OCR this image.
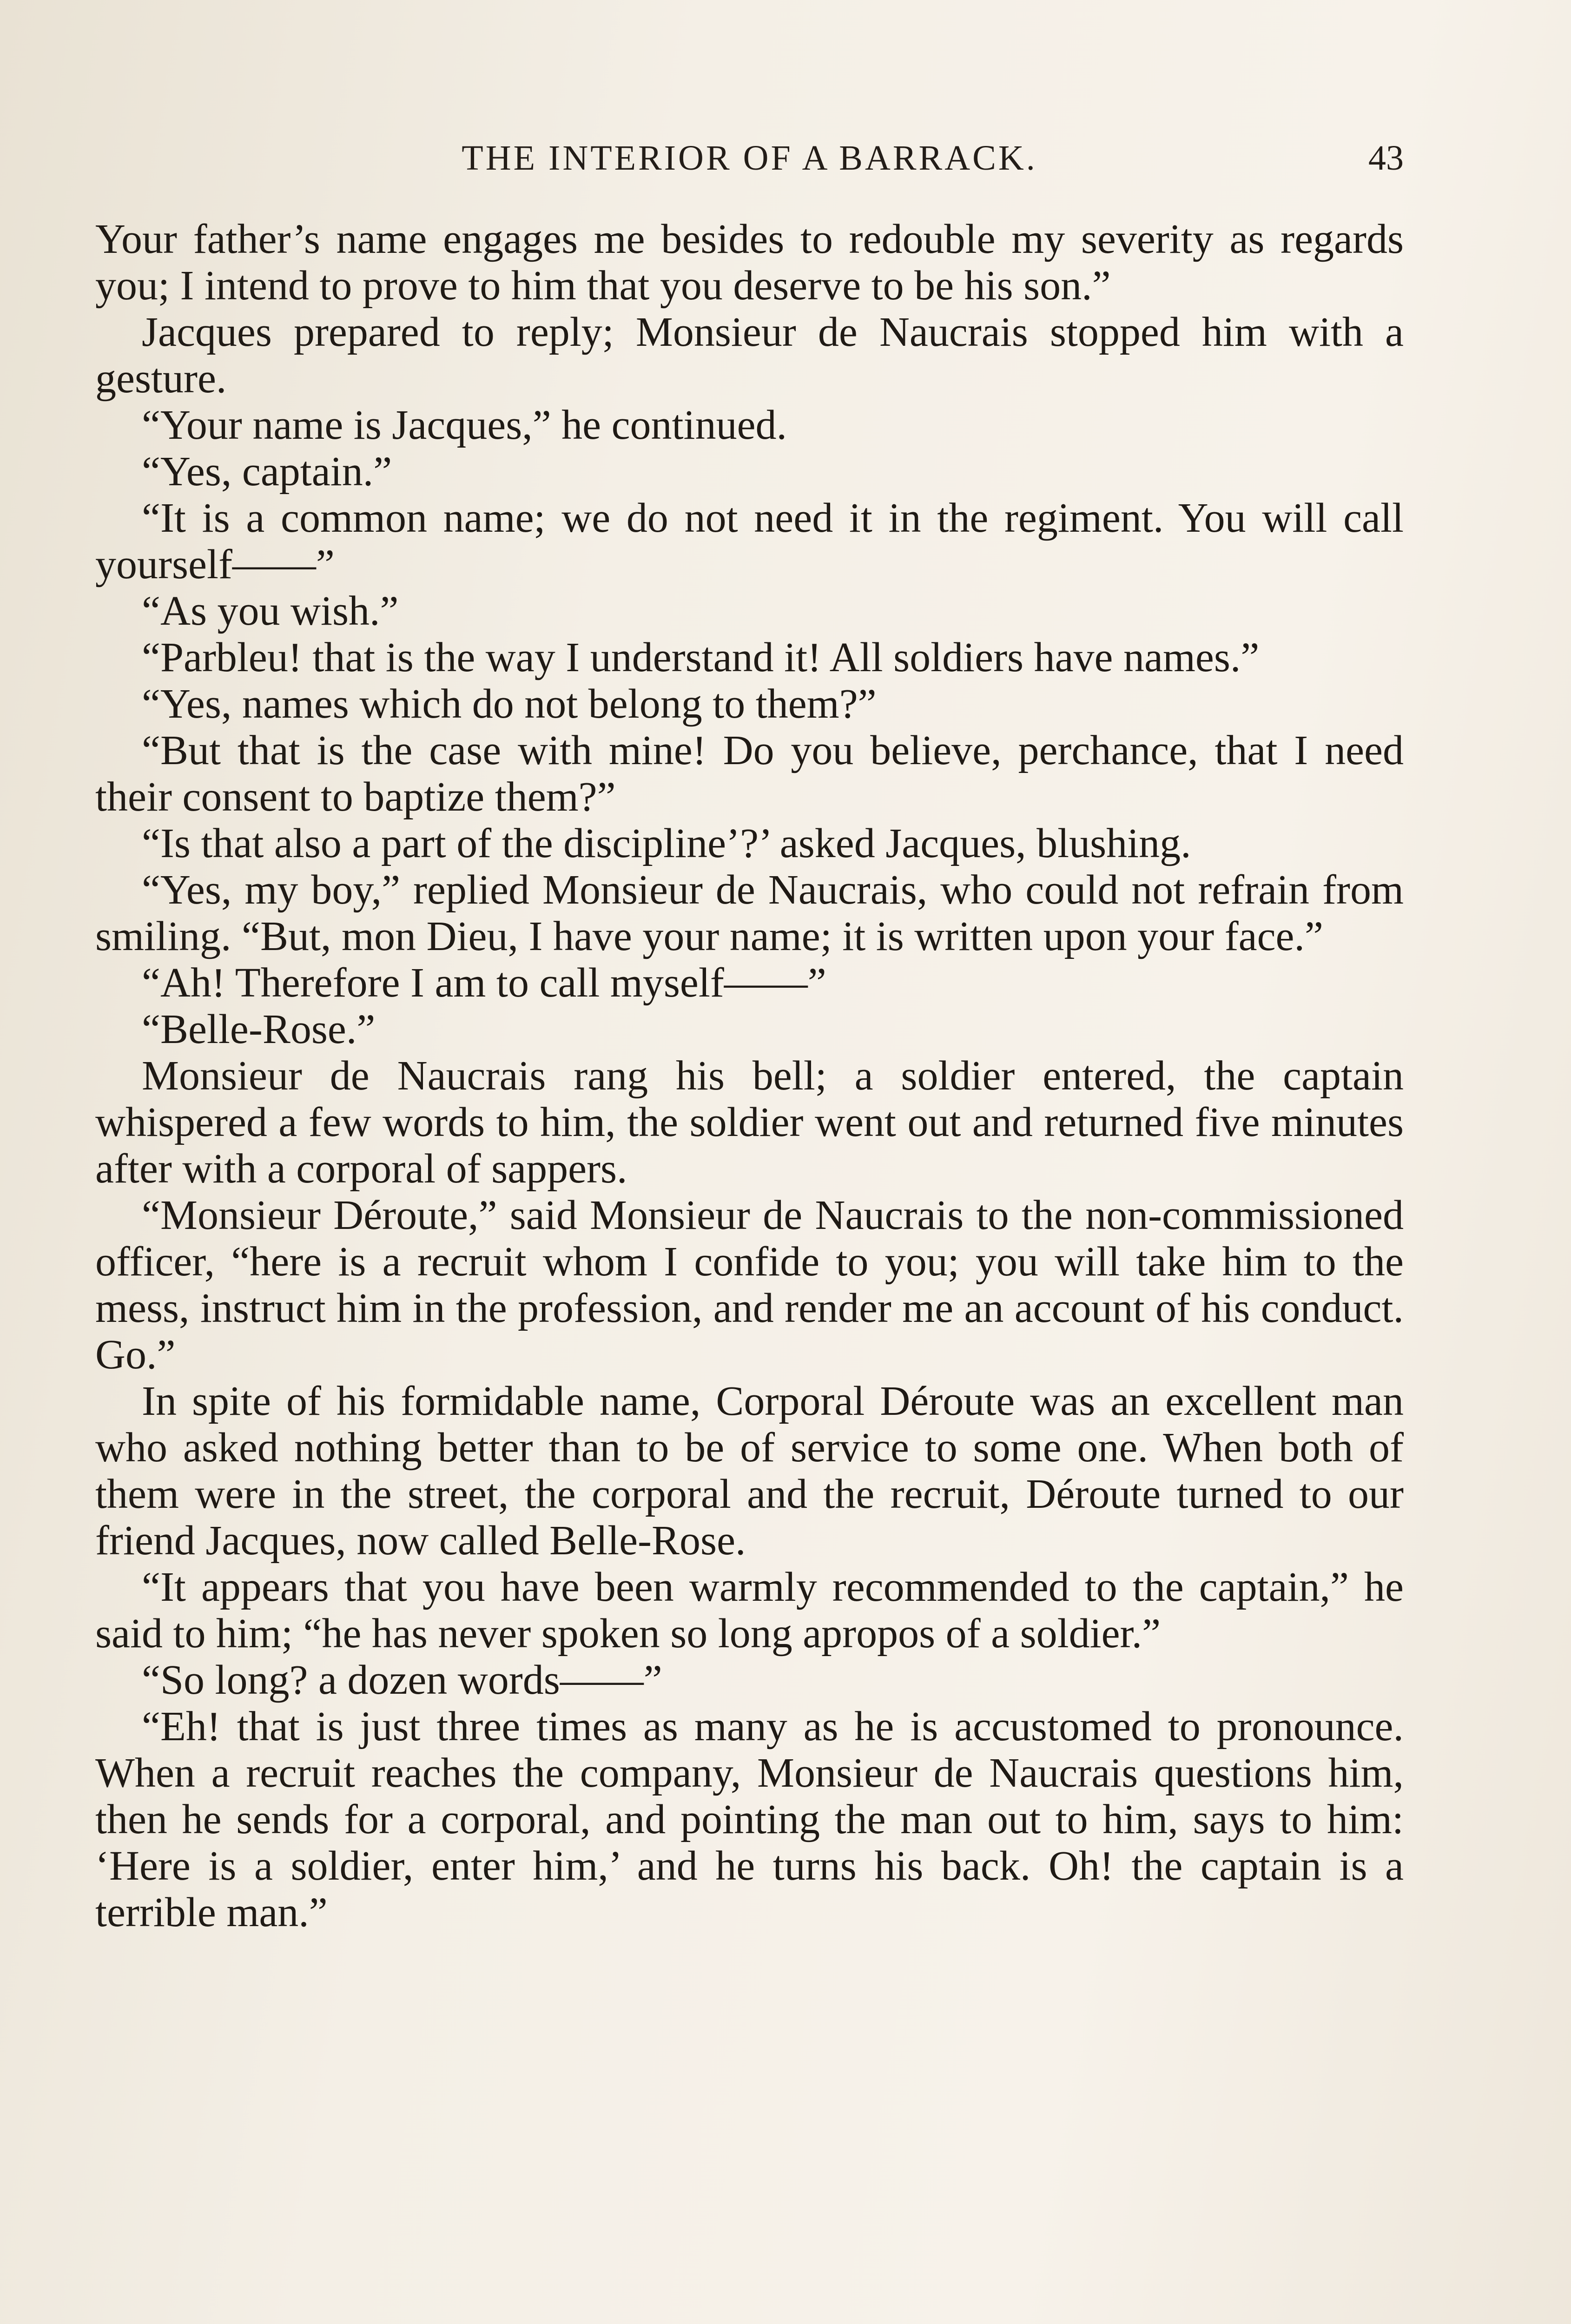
THE INTERIOR OF A BARRACK.	43

Your father’s name engages me besides to redouble my severity as regards you; I intend to prove to him that you deserve to be his son.”

Jacques prepared to reply; Monsieur de Naucrais stopped him with a gesture.

“Your name is Jacques,” he continued.

“Yes, captain.”

“It is a common name; we do not need it in the regiment. You will call yourself——”

“As you wish.”

“Parbleu! that is the way I understand it! All soldiers have names.”

“Yes, names which do not belong to them?”

“But that is the case with mine! Do you believe, perchance, that I need their consent to baptize them?”

“Is that also a part of the discipline’?’ asked Jacques, blushing.

“Yes, my boy,” replied Monsieur de Naucrais, who could not refrain from smiling. “But, mon Dieu, I have your name; it is written upon your face.”

“Ah! Therefore I am to call myself——”

“Belle-Rose.”

Monsieur de Naucrais rang his bell; a soldier entered, the captain whispered a few words to him, the soldier went out and returned five minutes after with a corporal of sappers.

“Monsieur Déroute,” said Monsieur de Naucrais to the non-commissioned officer, “here is a recruit whom I confide to you; you will take him to the mess, instruct him in the profession, and render me an account of his conduct. Go.”

In spite of his formidable name, Corporal Déroute was an excellent man who asked nothing better than to be of service to some one. When both of them were in the street, the corporal and the recruit, Déroute turned to our friend Jacques, now called Belle-Rose.

“It appears that you have been warmly recommended to the captain,” he said to him; “he has never spoken so long apropos of a soldier.”

“So long? a dozen words——”

“Eh! that is just three times as many as he is accustomed to pronounce. When a recruit reaches the company, Monsieur de Naucrais questions him, then he sends for a corporal, and pointing the man out to him, says to him: ‘Here is a soldier, enter him,’ and he turns his back. Oh! the captain is a terrible man.”
